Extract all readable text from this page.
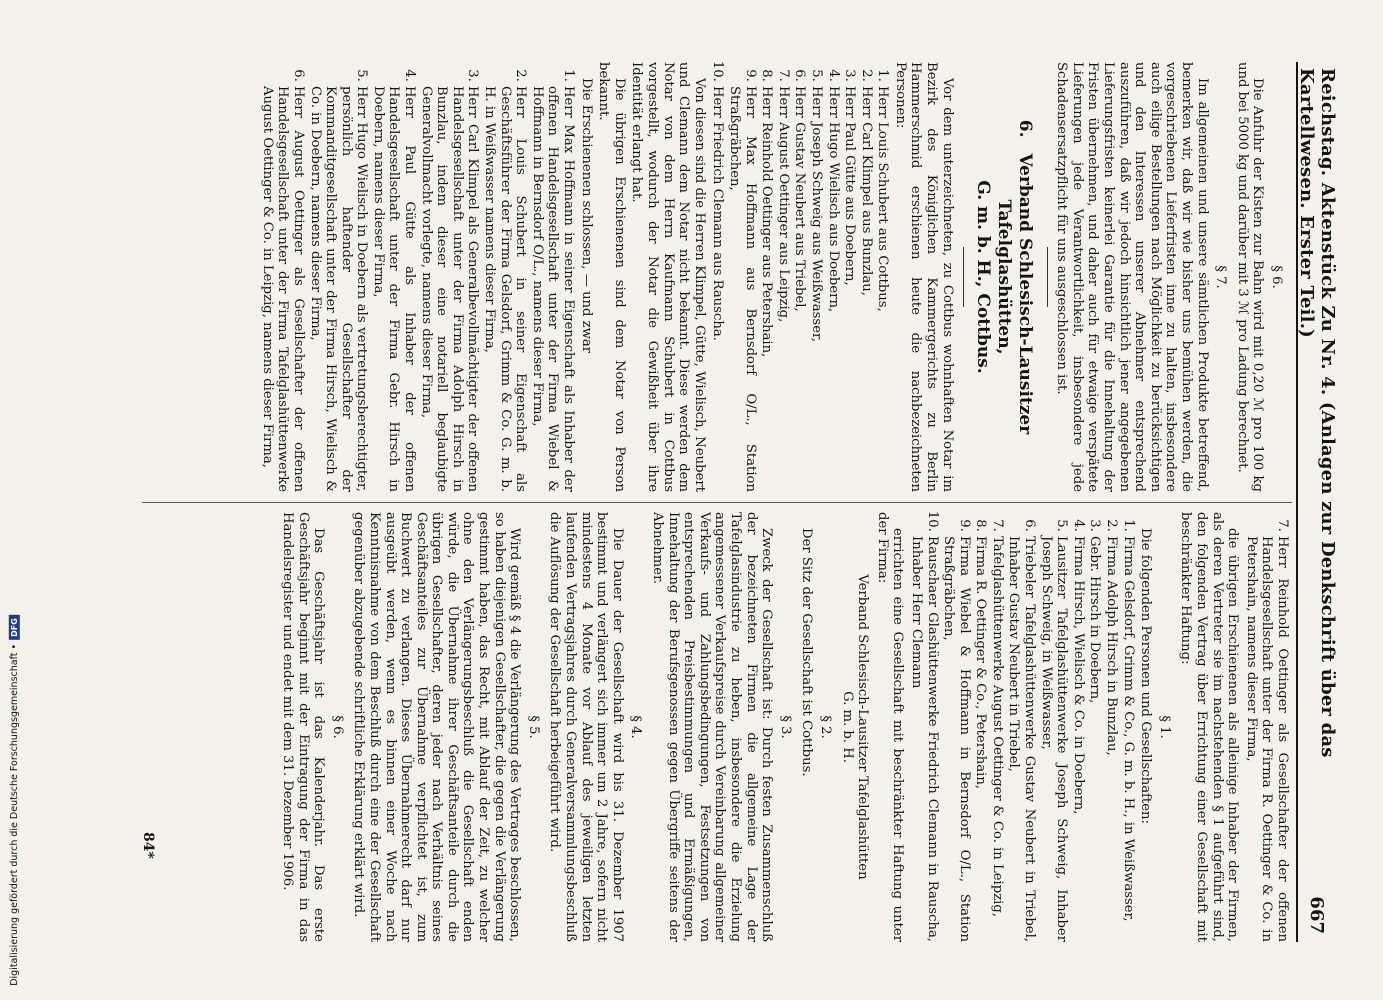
Reichstag. Aktenstück Zu Nr. 4. (Anlagen zur Denkschrift über das Kartellwesen. Erster Teil.)
667

§ 6.

Die Anfuhr der Kisten zur Bahn wird mit 0,20 ℳ pro 100 kg und bei 5000 kg und darüber mit 3 ℳ pro Ladung berechnet.

§ 7.

Im allgemeinen und unsere sämtlichen Produkte betreffend, bemerken wir, daß wir wie bisher uns bemühen werden, die vorgeschriebenen Lieferfristen inne zu halten, insbesondere auch eilige Bestellungen nach Möglichkeit zu berücksichtigen und den Interessen unserer Abnehmer entsprechend auszuführen, daß wir jedoch hinsichtlich jener angegebenen Lieferungsfristen keinerlei Garantie für die Innehaltung der Fristen übernehmen, und daher auch für etwaige verspätete Lieferungen jede Verantwortlichkeit, insbesondere jede Schadensersatzpflicht für uns ausgeschlossen ist.

6. Verband Schlesisch-Lausitzer Tafelglashütten,
G. m. b. H., Cottbus.

Vor dem unterzeichneten, zu Cottbus wohnhaften Notar im Bezirk des Königlichen Kammergerichts zu Berlin Hammerschmid erschienen heute die nachbezeichneten Personen:

1. Herr Louis Schubert aus Cottbus,
2. Herr Carl Klimpel aus Bunzlau,
3. Herr Paul Gütte aus Doebern,
4. Herr Hugo Wielisch aus Doebern,
5. Herr Joseph Schweig aus Weißwasser,
6. Herr Gustav Neubert aus Triebel,
7. Herr August Oettinger aus Leipzig,
8. Herr Reinhold Oettinger aus Petershain,
9. Herr Max Hoffmann aus Bernsdorf O/L., Station Straßgräbchen,
10. Herr Friedrich Clemann aus Rauscha.

Von diesen sind die Herren Klimpel, Gütte, Wielisch, Neubert und Clemann dem Notar nicht bekannt. Diese werden dem Notar von dem Herrn Kaufmann Schubert in Cottbus vorgestellt, wodurch der Notar die Gewißheit über ihre Identität erlangt hat.

Die übrigen Erschienenen sind dem Notar von Person bekannt.

Die Erschienenen schlossen, — und zwar

1. Herr Max Hoffmann in seiner Eigenschaft als Inhaber der offenen Handelsgesellschaft unter der Firma Wiebel & Hoffmann in Bernsdorf O/L., namens dieser Firma,
2. Herr Louis Schubert in seiner Eigenschaft als Geschäftsführer der Firma Gelsdorf, Grimm & Co. G. m. b. H. in Weißwasser namens dieser Firma,
3. Herr Carl Klimpel als Generalbevollmächtigter der offenen Handelsgesellschaft unter der Firma Adolph Hirsch in Bunzlau, indem dieser eine notariell beglaubigte Generalvollmacht vorlegte, namens dieser Firma,
4. Herr Paul Gütte als Inhaber der offenen Handelsgesellschaft unter der Firma Gebr. Hirsch in Doebern, namens dieser Firma,
5. Herr Hugo Wielisch in Doebern als vertretungsberechtigter, persönlich haftender Gesellschafter der Kommanditgesellschaft unter der Firma Hirsch, Wielisch & Co. in Doebern, namens dieser Firma,
6. Herr August Oettinger als Gesellschafter der offenen Handelsgesellschaft unter der Firma Tafelglashüttenwerke August Oettinger & Co. in Leipzig, namens dieser Firma,
7. Herr Reinhold Oettinger als Gesellschafter der offenen Handelsgesellschaft unter der Firma R. Oettinger & Co. in Petershain, namens dieser Firma,

die übrigen Erschienenen als alleinige Inhaber der Firmen, als deren Vertreter sie im nachstehenden § 1 aufgeführt sind, den folgenden Vertrag über Errichtung einer Gesellschaft mit beschränkter Haftung:

§ 1.

Die folgenden Personen und Gesellschaften:

1. Firma Gelsdorf, Grimm & Co., G. m. b. H., in Weißwasser,
2. Firma Adolph Hirsch in Bunzlau,
3. Gebr. Hirsch in Doebern,
4. Firma Hirsch, Wielisch & Co. in Doebern,
5. Lausitzer Tafelglashüttenwerke Joseph Schweig, Inhaber Joseph Schweig, in Weißwasser,
6. Triebeler Tafelglashüttenwerke Gustav Neubert in Triebel, Inhaber Gustav Neubert in Triebel,
7. Tafelglashüttenwerke August Oettinger & Co. in Leipzig,
8. Firma R. Oettinger & Co., Petershain,
9. Firma Wiebel & Hoffmann in Bernsdorf O/L., Station Straßgräbchen,
10. Rauschaer Glashüttenwerke Friedrich Clemann in Rauscha, Inhaber Herr Clemann

errichten eine Gesellschaft mit beschränkter Haftung unter der Firma:

Verband Schlesisch-Lausitzer Tafelglashütten
G. m. b. H.

§ 2.

Der Sitz der Gesellschaft ist Cottbus.

§ 3.

Zweck der Gesellschaft ist: Durch festen Zusammenschluß der bezeichneten Firmen die allgemeine Lage der Tafelglasindustrie zu heben, insbesondere die Erzielung angemessener Verkaufspreise durch Vereinbarung allgemeiner Verkaufs- und Zahlungsbedingungen, Festsetzungen von entsprechenden Preisbestimmungen und Ermäßigungen, Innehaltung der Berufsgenossen gegen Übergriffe seitens der Abnehmer.

§ 4.

Die Dauer der Gesellschaft wird bis 31. Dezember 1907 bestimmt und verlängert sich immer um 2 Jahre, sofern nicht mindestens 4 Monate vor Ablauf des jeweiligen letzten laufenden Vertragsjahres durch Generalversammlungsbeschluß die Auflösung der Gesellschaft herbeigeführt wird.

§ 5.

Wird gemäß § 4 die Verlängerung des Vertrages beschlossen, so haben diejenigen Gesellschafter, die gegen die Verlängerung gestimmt haben, das Recht, mit Ablauf der Zeit, zu welcher ohne den Verlängerungsbeschluß die Gesellschaft enden würde, die Übernahme ihrer Geschäftsanteile durch die übrigen Gesellschafter, deren jeder nach Verhältnis seines Geschäftsanteiles zur Übernahme verpflichtet ist, zum Buchwert zu verlangen. Dieses Übernahmerecht darf nur ausgeübt werden, wenn es binnen einer Woche nach Kenntnisnahme von dem Beschluß durch eine der Gesellschaft gegenüber abzugebende schriftliche Erklärung erklärt wird.

§ 6.

Das Geschäftsjahr ist das Kalenderjahr. Das erste Geschäftsjahr beginnt mit der Eintragung der Firma in das Handelsregister und endet mit dem 31. Dezember 1906.

84*
Digitalisierung gefördert durch die Deutsche Forschungsgemeinschaft •
DFG
